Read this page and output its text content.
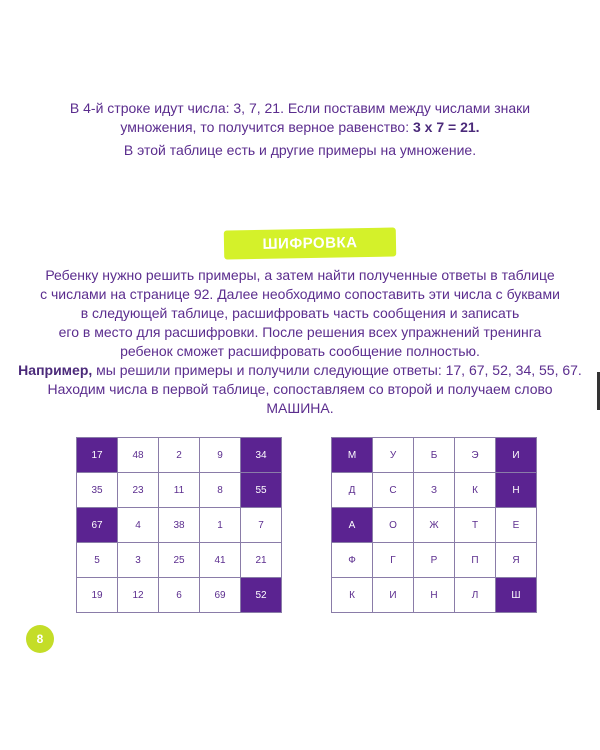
В 4-й строке идут числа: 3, 7, 21. Если поставим между числами знаки
умножения, то получится верное равенство: 3 x 7 = 21.
В этой таблице есть и другие примеры на умножение.
ШИФРОВКА
Ребенку нужно решить примеры, а затем найти полученные ответы в таблице
с числами на странице 92. Далее необходимо сопоставить эти числа с буквами
в следующей таблице, расшифровать часть сообщения и записать
его в место для расшифровки. После решения всех упражнений тренинга
ребенок сможет расшифровать сообщение полностью.
Например, мы решили примеры и получили следующие ответы: 17, 67, 52, 34, 55, 67.
Находим числа в первой таблице, сопоставляем со второй и получаем слово
МАШИНА.
17	48	2	9	34
35	23	11	8	55
67	4	38	1	7
5	3	25	41	21
19	12	6	69	52
М	У	Б	Э	И
Д	С	З	К	Н
А	О	Ж	Т	Е
Ф	Г	Р	П	Я
К	И	Н	Л	Ш
8
